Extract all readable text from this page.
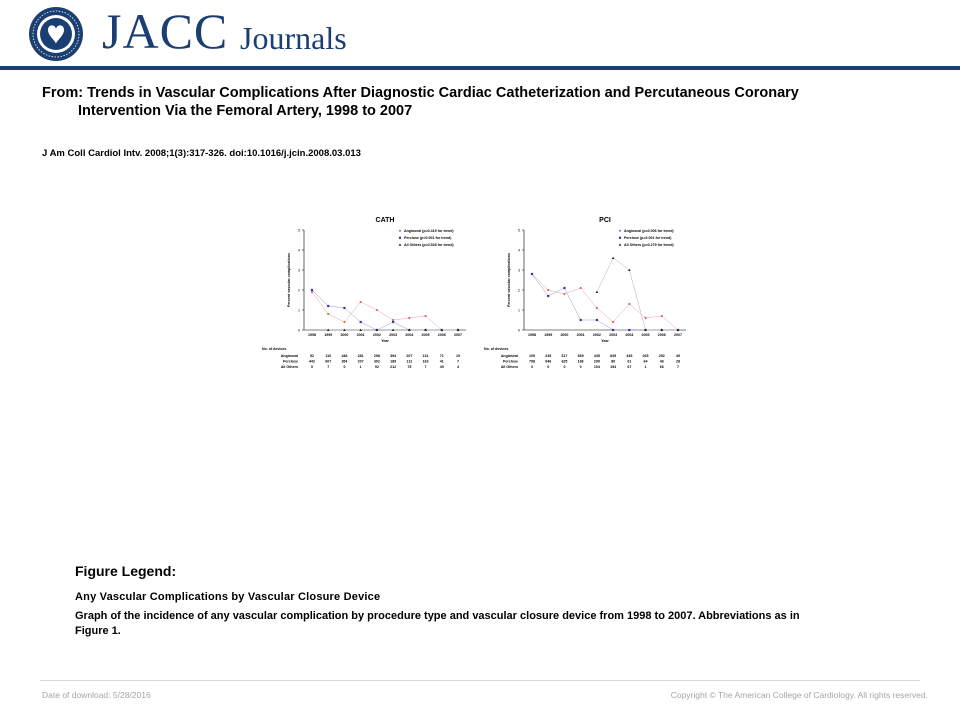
JACC Journals
From: Trends in Vascular Complications After Diagnostic Cardiac Catheterization and Percutaneous Coronary
Intervention Via the Femoral Artery, 1998 to 2007
J Am Coll Cardiol Intv. 2008;1(3):317-326. doi:10.1016/j.jcin.2008.03.013
CATH
0
1
2
3
4
5
Percent vascular complications
1998 1999 2000 2001 2002 2003 2004 2005 2006 2007
Year
Angioseal (p=0.419 for trend)
Perclose (p<0.001 for trend)
All Others (p=0.528 for trend)
No. of devices
Angioseal	52	110	448	281	298	394	207	131	71	19
Perclose	442	607	354	207	302	189	112	163	41	7
All Others	0	7	0	1	92	212	75	7	49	4
PCI
0
1
2
3
4
5
Percent vascular complications
1998 1999 2000 2001 2002 2003 2004 2005 2006 2007
Year
Angioseal (p=0.006 for trend)
Perclose (p=0.001 for trend)
All Others (p=0.279 for trend)
No. of devices
Angioseal	109	245	617	669	445	849	445	265	252	49
Perclose	798	946	625	186	299	80	61	64	46	28
All Others	0	0	0	0	104	194	67	1	66	7
Figure Legend:
Any Vascular Complications by Vascular Closure Device
Graph of the incidence of any vascular complication by procedure type and vascular closure device from 1998 to 2007. Abbreviations as in Figure 1.
Date of download: 5/28/2016	Copyright © The American College of Cardiology. All rights reserved.
